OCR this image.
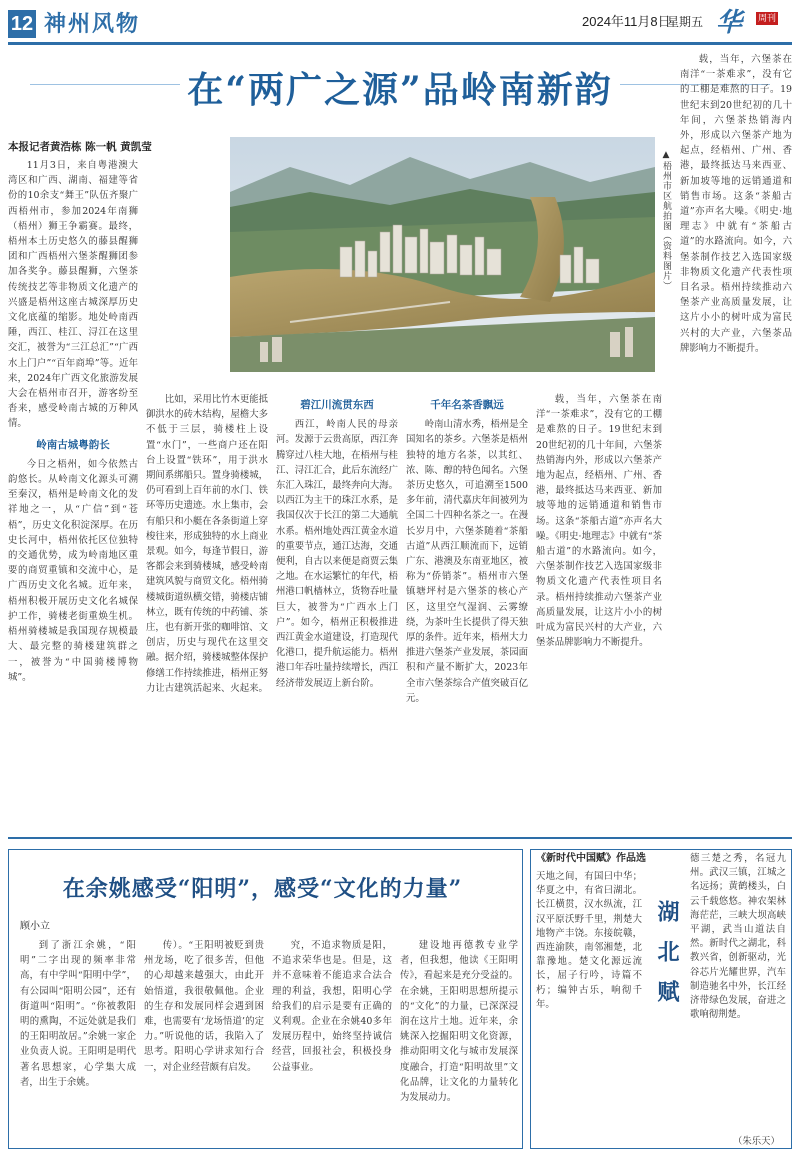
12 神州风物	2024年11月8日
星期五 华 周刊
在“两广之源”品岭南新韵
▲梧州市区航拍图（资料图片）
本报记者黄浩栋 陈一帆 黄凯莹

11月3日，来自粤港澳大湾区和广西、湖南、福建等省份的10余支“舞王”队伍齐聚广西梧州市，参加2024年南狮（梧州）狮王争霸赛。最终，梧州本土历史悠久的藤县醒狮团和广西梧州六堡茶醒狮团参加各奖争。藤县醒狮，六堡茶传统技艺等非物质文化遗产的兴盛是梧州这座古城深厚历史文化底蕴的缩影。地处岭南西陲，西江、桂江、浔江在这里交汇，被誉为“三江总汇”“广西水上门户”“百年商埠”等。近年来，2024年广西文化旅游发展大会在梧州市召开，游客纷至沓来，感受岭南古城的万种风情。

岭南古城粤韵长

今日之梧州，如今依然古韵悠长。从岭南文化源头可溯至秦汉，梧州是岭南文化的发祥地之一，从“广信”到“苍梧”，历史文化积淀深厚。在历史长河中，梧州依托区位独特的交通优势，成为岭南地区重要的商贸重镇和交流中心，是广西历史文化名城。近年来，梧州积极开展历史文化名城保护工作，骑楼老街重焕生机。梧州骑楼城是我国现存规模最大、最完整的骑楼建筑群之一，被誉为“中国骑楼博物城”。

比如，采用比竹木更能抵御洪水的砖木结构，屋檐大多不低于三层，骑楼柱上设置“水门”，一些商户还在阳台上设置“铁环”，用于洪水期间系绑船只。置身骑楼城，仍可看到上百年前的水门、铁环等历史遗迹。水上集市，会有船只和小艇在各条街道上穿梭往来，形成独特的水上商业景观。如今，每逢节假日，游客都会来到骑楼城，感受岭南建筑风貌与商贸文化。梧州骑楼城街道纵横交错，骑楼店铺林立，既有传统的中药铺、茶庄，也有新开张的咖啡馆、文创店，历史与现代在这里交融。据介绍，骑楼城整体保护修缮工作持续推进，梧州正努力让古建筑活起来、火起来。

碧江川流贯东西

西江，岭南人民的母亲河。发源于云贵高原，西江奔腾穿过八桂大地，在梧州与桂江、浔江汇合，此后东流经广东汇入珠江，最终奔向大海。以西江为主干的珠江水系，是我国仅次于长江的第二大通航水系。梧州地处西江黄金水道的重要节点，通江达海，交通便利，自古以来便是商贾云集之地。在水运繁忙的年代，梧州港口帆樯林立，货物吞吐量巨大，被誉为“广西水上门户”。如今，梧州正积极推进西江黄金水道建设，打造现代化港口，提升航运能力。梧州港口年吞吐量持续增长，西江经济带发展迈上新台阶。

千年名茶香飘远

岭南山清水秀，梧州是全国知名的茶乡。六堡茶是梧州独特的地方名茶，以其红、浓、陈、醇的特色闻名。六堡茶历史悠久，可追溯至1500多年前，清代嘉庆年间被列为全国二十四种名茶之一。在漫长岁月中，六堡茶随着“茶船古道”从西江顺流而下，远销广东、港澳及东南亚地区，被称为“侨销茶”。梧州市六堡镇塘坪村是六堡茶的核心产区，这里空气湿润、云雾缭绕，为茶叶生长提供了得天独厚的条件。近年来，梧州大力推进六堡茶产业发展，茶园面积和产量不断扩大，2023年全市六堡茶综合产值突破百亿元。

载，当年，六堡茶在南洋“一茶难求”，没有它的工棚是难熬的日子。19世纪末到20世纪初的几十年间，六堡茶热销海内外，形成以六堡茶产地为起点，经梧州、广州、香港，最终抵达马来西亚、新加坡等地的远销通道和销售市场。这条“茶船古道”亦声名大噪。《明史·地理志》中就有“茶船古道”的水路流向。如今，六堡茶制作技艺入选国家级非物质文化遗产代表性项目名录。梧州持续推动六堡茶产业高质量发展，让这片小小的树叶成为富民兴村的大产业，六堡茶品牌影响力不断提升。

载，当年，六堡茶在南洋“一茶难求”，没有它的工棚是难熬的日子。19世纪末到20世纪初的几十年间，六堡茶热销海内外，形成以六堡茶产地为起点，经梧州、广州、香港，最终抵达马来西亚、新加坡等地的远销通道和销售市场。这条“茶船古道”亦声名大噪。《明史·地理志》中就有“茶船古道”的水路流向。如今，六堡茶制作技艺入选国家级非物质文化遗产代表性项目名录。梧州持续推动六堡茶产业高质量发展，让这片小小的树叶成为富民兴村的大产业，六堡茶品牌影响力不断提升。

在余姚感受“阳明”，感受“文化的力量”
顾小立

到了浙江余姚，“阳明”二字出现的频率非常高，有中学叫“阳明中学”，有公园叫“阳明公园”，还有街道叫“阳明”。“你被教阳明的熏陶，不远处就是我们的王阳明故居。”余姚一家企业负责人说。王阳明是明代著名思想家，心学集大成者，出生于余姚。

传）。“王阳明被贬到贵州龙场，吃了很多苦，但他的心却越来越强大，由此开始悟道，我很敬佩他。企业的生存和发展同样会遇到困难，也需要有‘龙场悟道’的定力。”听说他的话，我陷入了思考。阳明心学讲求知行合一，对企业经营颇有启发。

究，不追求物质是阳，不追求荣华也是。但是，这并不意味着不能追求合法合理的利益，我想，阳明心学给我们的启示是要有正确的义利观。企业在余姚40多年发展历程中，始终坚持诚信经营，回报社会，积极投身公益事业。

建设地再德教专业学者，但我想，他读《王阳明传》，看起来是充分受益的。在余姚，王阳明思想所提示的“文化”的力量，已深深浸润在这片土地。近年来，余姚深入挖掘阳明文化资源，推动阳明文化与城市发展深度融合，打造“阳明故里”文化品牌，让文化的力量转化为发展动力。

《新时代中国赋》作品选
天地之间，有国曰中华；华夏之中，有省曰湖北。长江横贯，汉水纵流，江汉平原沃野千里，荆楚大地物产丰饶。东接皖赣，西连渝陕，南邻湘楚，北靠豫地。楚文化源远流长，屈子行吟，诗篇不朽；编钟古乐，响彻千年。	湖北赋
德三楚之秀，名冠九州。武汉三镇，江城之名远扬；黄鹤楼头，白云千载悠悠。神农架林海茫茫，三峡大坝高峡平湖，武当山道法自然。新时代之湖北，科教兴省，创新驱动，光谷芯片光耀世界，汽车制造驰名中外，长江经济带绿色发展，奋进之歌响彻荆楚。
（朱乐天）
